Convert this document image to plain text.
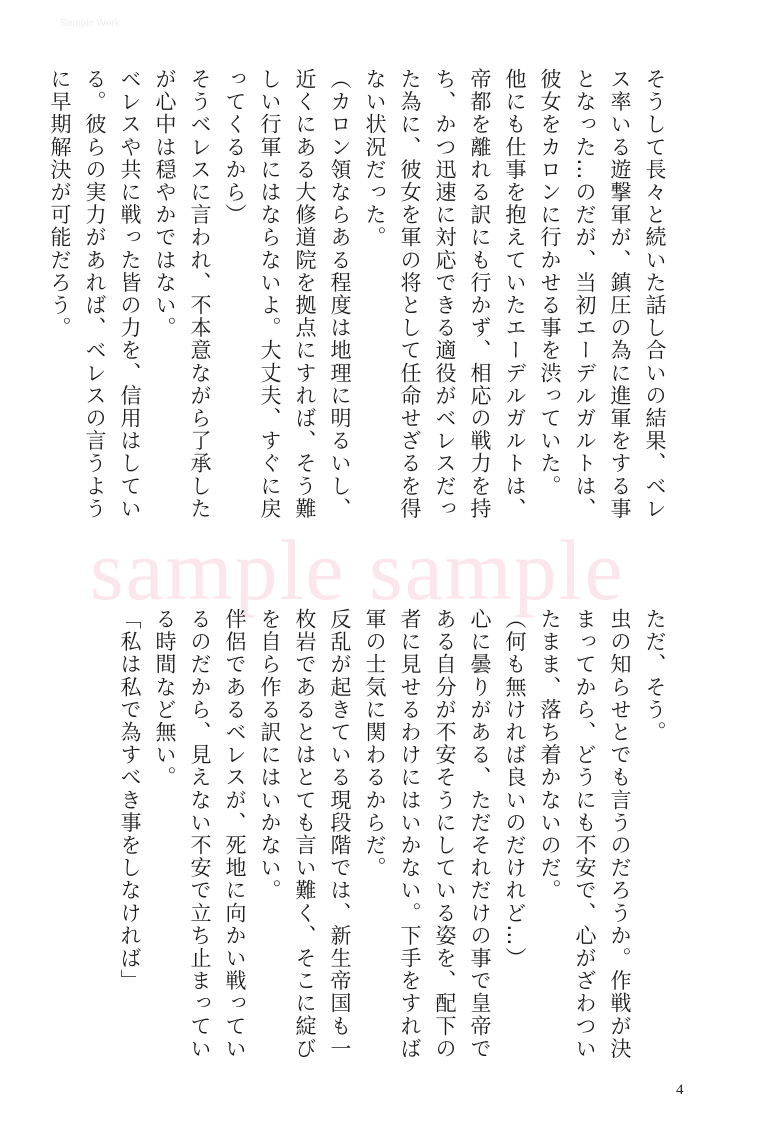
Sample Work
sample sample

そうして長々と続いた話し合いの結果、ベレス率いる遊撃軍が、鎮圧の為に進軍をする事となった…のだが、当初エーデルガルトは、彼女をカロンに行かせる事を渋っていた。

他にも仕事を抱えていたエーデルガルトは、帝都を離れる訳にも行かず、相応の戦力を持ち、かつ迅速に対応できる適役がベレスだった為に、彼女を軍の将として任命せざるを得ない状況だった。

（カロン領ならある程度は地理に明るいし、近くにある大修道院を拠点にすれば、そう難しい行軍にはならないよ。大丈夫、すぐに戻ってくるから）

そうベレスに言われ、不本意ながら了承したが心中は穏やかではない。

ベレスや共に戦った皆の力を、信用はしている。彼らの実力があれば、ベレスの言うように早期解決が可能だろう。

ただ、そう。

虫の知らせとでも言うのだろうか。作戦が決まってから、どうにも不安で、心がざわついたまま、落ち着かないのだ。

（何も無ければ良いのだけれど…）

心に曇りがある、ただそれだけの事で皇帝である自分が不安そうにしている姿を、配下の者に見せるわけにはいかない。下手をすれば軍の士気に関わるからだ。

反乱が起きている現段階では、新生帝国も一枚岩であるとはとても言い難く、そこに綻びを自ら作る訳にはいかない。

伴侶であるベレスが、死地に向かい戦っているのだから、見えない不安で立ち止まっている時間など無い。

「私は私で為すべき事をしなければ」

4
